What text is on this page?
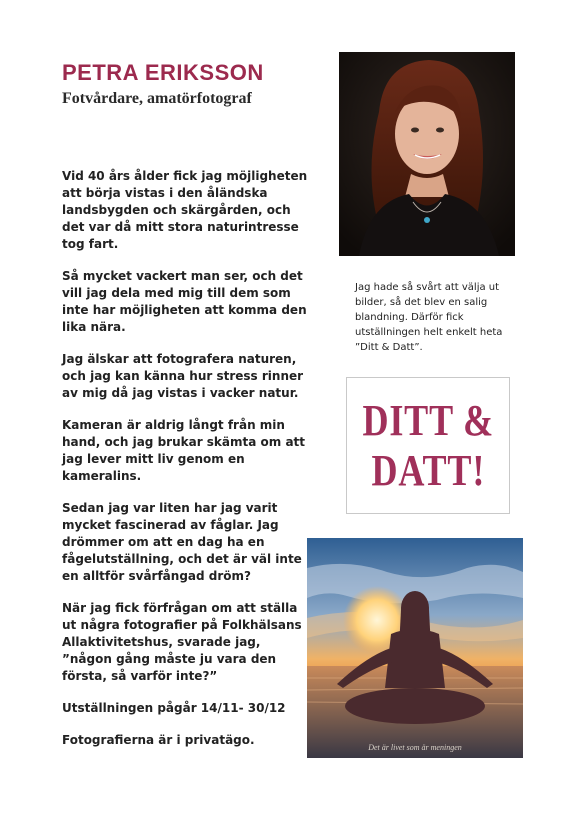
PETRA ERIKSSON
Fotvårdare, amatörfotograf

Vid 40 års ålder fick jag möjligheten att börja vistas i den åländska landsbygden och skärgården, och det var då mitt stora naturintresse tog fart.

Så mycket vackert man ser, och det vill jag dela med mig till dem som inte har möjligheten att komma den lika nära.

Jag älskar att fotografera naturen, och jag kan känna hur stress rinner av mig då jag vistas i vacker natur.

Kameran är aldrig långt från min hand, och jag brukar skämta om att jag lever mitt liv genom en kameralins.

Sedan jag var liten har jag varit mycket fascinerad av fåglar. Jag drömmer om att en dag ha en fågelutställning, och det är väl inte en alltför svårfångad dröm?

När jag fick förfrågan om att ställa ut några fotografier på Folkhälsans Allaktivitetshus, svarade jag, ”någon gång måste ju vara den första, så varför inte?”

Utställningen pågår 14/11- 30/12

Fotografierna är i privatägo.

Jag hade så svårt att välja ut bilder, så det blev en salig blandning. Därför fick utställningen helt enkelt heta ”Ditt & Datt”.
DITT &
DATT!
Det är livet som är meningen
